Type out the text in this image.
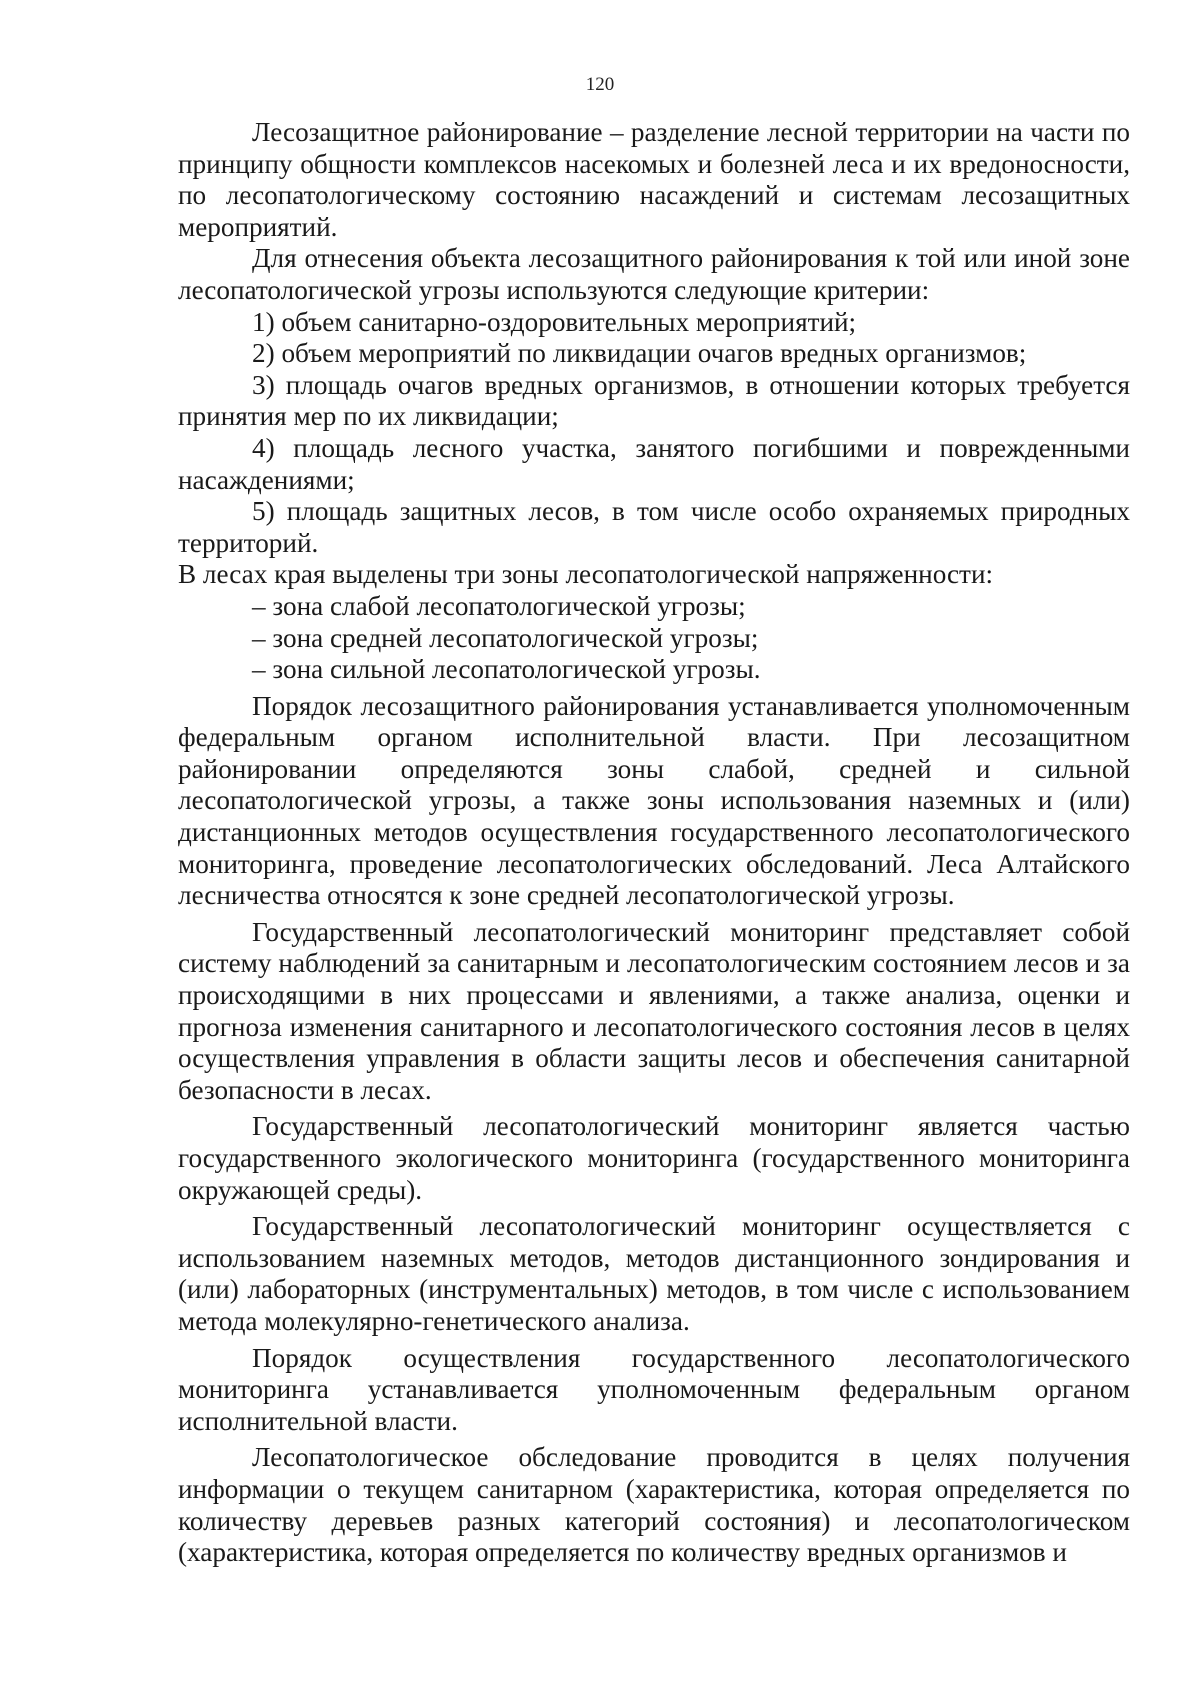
120

Лесозащитное районирование – разделение лесной территории на части по принципу общности комплексов насекомых и болезней леса и их вредоносности, по лесопатологическому состоянию насаждений и системам лесозащитных мероприятий.

Для отнесения объекта лесозащитного районирования к той или иной зоне лесопатологической угрозы используются следующие критерии:

1) объем санитарно-оздоровительных мероприятий;

2) объем мероприятий по ликвидации очагов вредных организмов;

3) площадь очагов вредных организмов, в отношении которых требуется принятия мер по их ликвидации;

4) площадь лесного участка, занятого погибшими и поврежденными насаждениями;

5) площадь защитных лесов, в том числе особо охраняемых природных территорий.

В лесах края выделены три зоны лесопатологической напряженности:

– зона слабой лесопатологической угрозы;

– зона средней лесопатологической угрозы;

– зона сильной лесопатологической угрозы.

Порядок лесозащитного районирования устанавливается уполномоченным федеральным органом исполнительной власти. При лесозащитном районировании определяются зоны слабой, средней и сильной лесопатологической угрозы, а также зоны использования наземных и (или) дистанционных методов осуществления государственного лесопатологического мониторинга, проведение лесопатологических обследований. Леса Алтайского лесничества относятся к зоне средней лесопатологической угрозы.

Государственный лесопатологический мониторинг представляет собой систему наблюдений за санитарным и лесопатологическим состоянием лесов и за происходящими в них процессами и явлениями, а также анализа, оценки и прогноза изменения санитарного и лесопатологического состояния лесов в целях осуществления управления в области защиты лесов и обеспечения санитарной безопасности в лесах.

Государственный лесопатологический мониторинг является частью государственного экологического мониторинга (государственного мониторинга окружающей среды).

Государственный лесопатологический мониторинг осуществляется с использованием наземных методов, методов дистанционного зондирования и (или) лабораторных (инструментальных) методов, в том числе с использованием метода молекулярно-генетического анализа.

Порядок осуществления государственного лесопатологического мониторинга устанавливается уполномоченным федеральным органом исполнительной власти.

Лесопатологическое обследование проводится в целях получения информации о текущем санитарном (характеристика, которая определяется по количеству деревьев разных категорий состояния) и лесопатологическом (характеристика, которая определяется по количеству вредных организмов и
